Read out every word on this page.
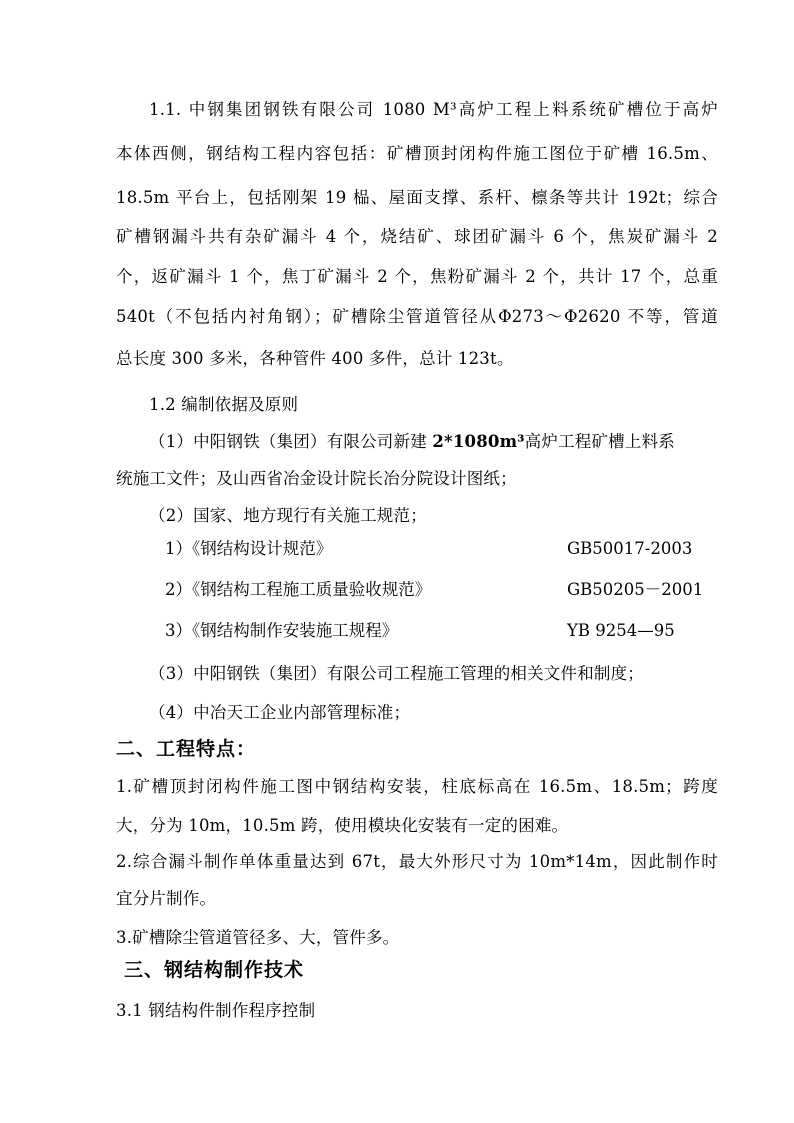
1.1. 中钢集团钢铁有限公司 1080 M³高炉工程上料系统矿槽位于高炉
本体西侧，钢结构工程内容包括：矿槽顶封闭构件施工图位于矿槽 16.5m、
18.5m 平台上，包括刚架 19 榀、屋面支撑、系杆、檩条等共计 192t；综合
矿槽钢漏斗共有杂矿漏斗 4 个，烧结矿、球团矿漏斗 6 个，焦炭矿漏斗 2
个，返矿漏斗 1 个，焦丁矿漏斗 2 个，焦粉矿漏斗 2 个，共计 17 个，总重
540t（不包括内衬角钢）；矿槽除尘管道管径从Φ273～Φ2620 不等，管道
总长度 300 多米，各种管件 400 多件，总计 123t。
1.2 编制依据及原则
（1）中阳钢铁（集团）有限公司新建 2*1080m³高炉工程矿槽上料系
统施工文件；及山西省冶金设计院长冶分院设计图纸；
（2）国家、地方现行有关施工规范；
1）《钢结构设计规范》	GB50017-2003
2）《钢结构工程施工质量验收规范》	GB50205－2001
3）《钢结构制作安装施工规程》	YB 9254—95
（3）中阳钢铁（集团）有限公司工程施工管理的相关文件和制度；
（4）中冶天工企业内部管理标准；
二、工程特点：
1.矿槽顶封闭构件施工图中钢结构安装，柱底标高在 16.5m、18.5m；跨度
大，分为 10m，10.5m 跨，使用模块化安装有一定的困难。
2.综合漏斗制作单体重量达到 67t，最大外形尺寸为 10m*14m，因此制作时
宜分片制作。
3.矿槽除尘管道管径多、大，管件多。
三、钢结构制作技术
3.1 钢结构件制作程序控制
